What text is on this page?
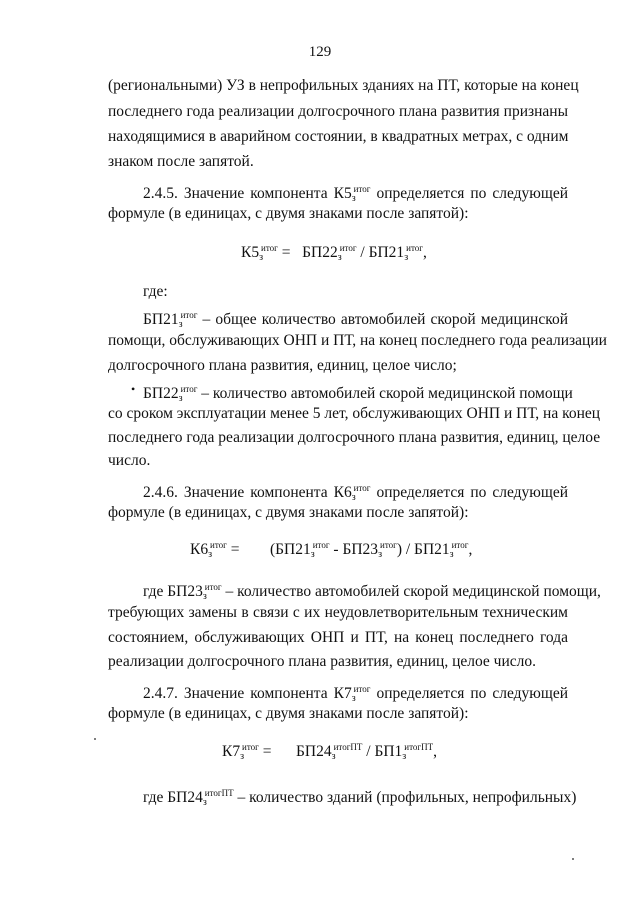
129
(региональными) УЗ в непрофильных зданиях на ПТ, которые на конец
последнего года реализации долгосрочного плана развития признаны
находящимися в аварийном состоянии, в квадратных метрах, с одним
знаком после запятой.
2.4.5. Значение компонента $К5_з^{итог}$ определяется по следующей
формуле (в единицах, с двумя знаками после запятой):
$К5_з^{итог} = БП22_з^{итог} / БП21_з^{итог}$,
где:
$БП21_з^{итог}$ – общее количество автомобилей скорой медицинской
помощи, обслуживающих ОНП и ПТ, на конец последнего года реализации
долгосрочного плана развития, единиц, целое число;
• $БП22_з^{итог}$ – количество автомобилей скорой медицинской помощи
со сроком эксплуатации менее 5 лет, обслуживающих ОНП и ПТ, на конец
последнего года реализации долгосрочного плана развития, единиц, целое
число.
2.4.6. Значение компонента $К6_з^{итог}$ определяется по следующей
формуле (в единицах, с двумя знаками после запятой):
$К6_з^{итог} = (БП21_з^{итог} - БП23_з^{итог}) / БП21_з^{итог}$,
где $БП23_з^{итог}$ – количество автомобилей скорой медицинской помощи,
требующих замены в связи с их неудовлетворительным техническим
состоянием, обслуживающих ОНП и ПТ, на конец последнего года
реализации долгосрочного плана развития, единиц, целое число.
2.4.7. Значение компонента $К7_з^{итог}$ определяется по следующей
формуле (в единицах, с двумя знаками после запятой):
$К7_з^{итог} = БП24_з^{итогПТ} / БП1_з^{итогПТ}$,
где $БП24_з^{итогПТ}$ – количество зданий (профильных, непрофильных)
